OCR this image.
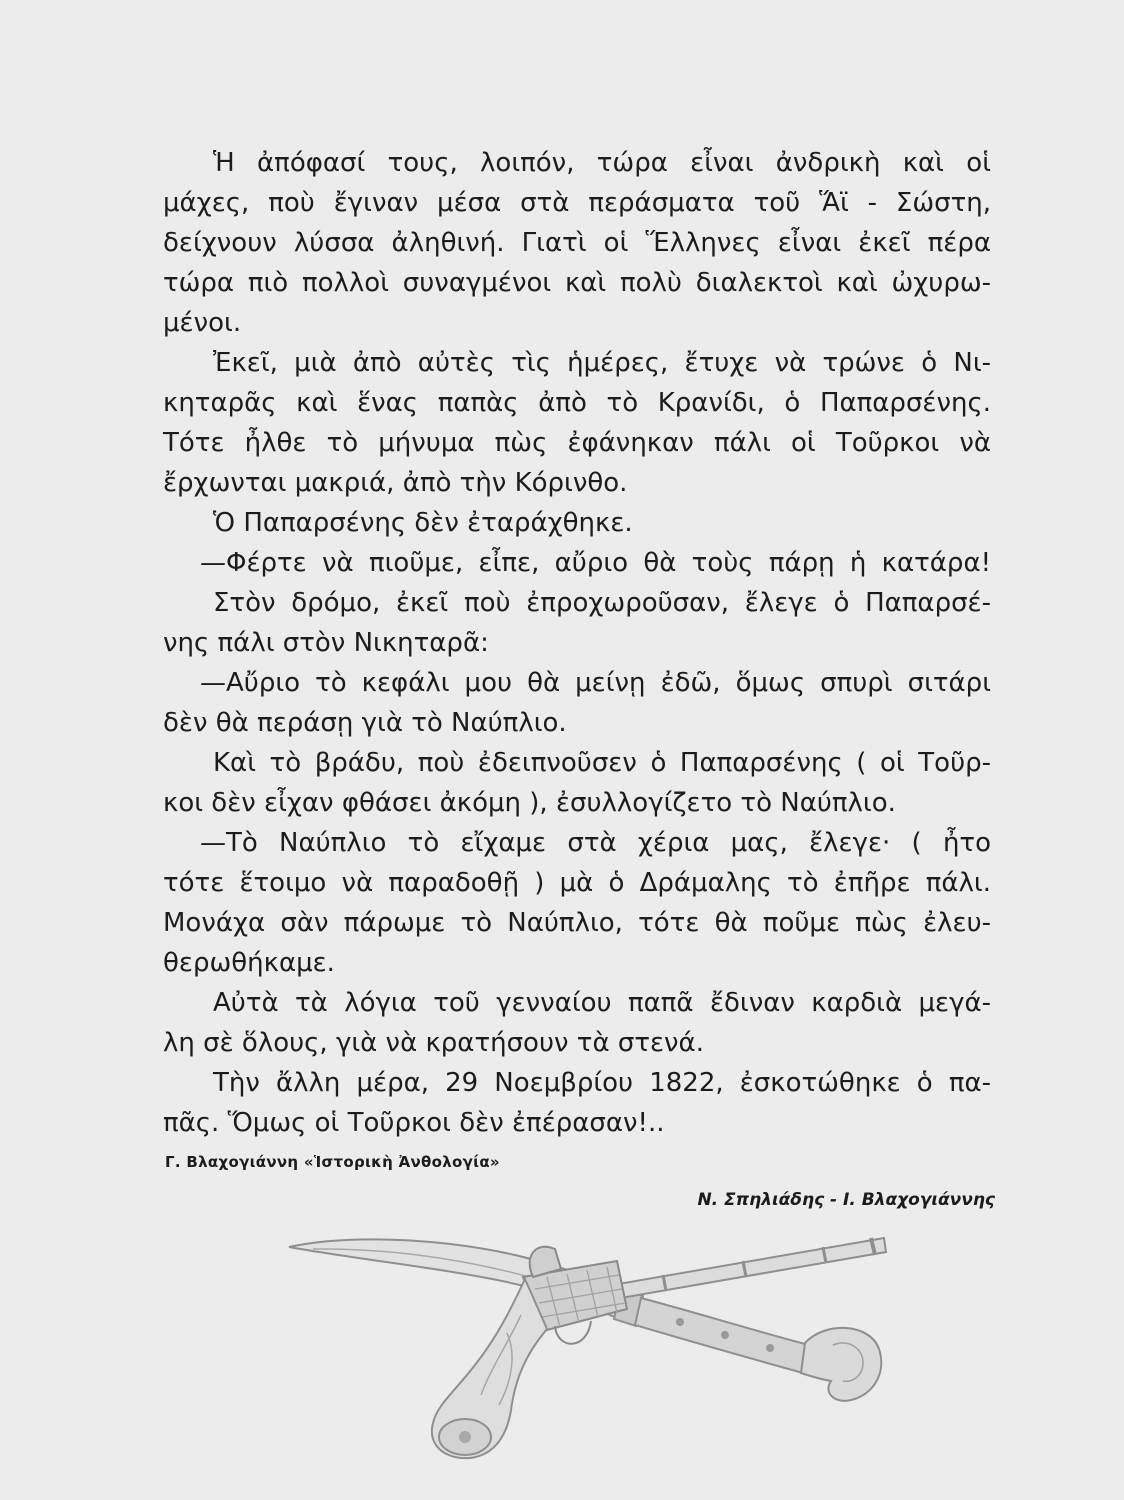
Ἡ ἀπόφασί τους, λοιπόν, τώρα εἶναι ἀνδρικὴ καὶ οἱ
μάχες, ποὺ ἔγιναν μέσα στὰ περάσματα τοῦ Ἅϊ - Σώστη,
δείχνουν λύσσα ἀληθινή. Γιατὶ οἱ Ἕλληνες εἶναι ἐκεῖ πέρα
τώρα πιὸ πολλοὶ συναγμένοι καὶ πολὺ διαλεκτοὶ καὶ ὠχυρω-
μένοι.
Ἐκεῖ, μιὰ ἀπὸ αὐτὲς τὶς ἡμέρες, ἔτυχε νὰ τρώνε ὁ Νι-
κηταρᾶς καὶ ἕνας παπὰς ἀπὸ τὸ Κρανίδι, ὁ Παπαρσένης.
Τότε ἦλθε τὸ μήνυμα πὼς ἐφάνηκαν πάλι οἱ Τοῦρκοι νὰ
ἔρχωνται μακριά, ἀπὸ τὴν Κόρινθο.
Ὁ Παπαρσένης δὲν ἐταράχθηκε.
—Φέρτε νὰ πιοῦμε, εἶπε, αὔριο θὰ τοὺς πάρῃ ἡ κατάρα!
Στὸν δρόμο, ἐκεῖ ποὺ ἐπροχωροῦσαν, ἔλεγε ὁ Παπαρσέ-
νης πάλι στὸν Νικηταρᾶ:
—Αὔριο τὸ κεφάλι μου θὰ μείνῃ ἐδῶ, ὅμως σπυρὶ σιτάρι
δὲν θὰ περάσῃ γιὰ τὸ Ναύπλιο.
Καὶ τὸ βράδυ, ποὺ ἐδειπνοῦσεν ὁ Παπαρσένης ( οἱ Τοῦρ-
κοι δὲν εἶχαν φθάσει ἀκόμη ), ἐσυλλογίζετο τὸ Ναύπλιο.
—Τὸ Ναύπλιο τὸ εἴχαμε στὰ χέρια μας, ἔλεγε· ( ἦτο
τότε ἕτοιμο νὰ παραδοθῇ ) μὰ ὁ Δράμαλης τὸ ἐπῆρε πάλι.
Μονάχα σὰν πάρωμε τὸ Ναύπλιο, τότε θὰ ποῦμε πὼς ἐλευ-
θερωθήκαμε.
Αὐτὰ τὰ λόγια τοῦ γενναίου παπᾶ ἔδιναν καρδιὰ μεγά-
λη σὲ ὅλους, γιὰ νὰ κρατήσουν τὰ στενά.
Τὴν ἄλλη μέρα, 29 Νοεμβρίου 1822, ἐσκοτώθηκε ὁ πα-
πᾶς. Ὅμως οἱ Τοῦρκοι δὲν ἐπέρασαν!..
Γ. Βλαχογιάννη «Ἱστορικὴ Ἀνθολογία»
Ν. Σπηλιάδης - Ι. Βλαχογιάννης
